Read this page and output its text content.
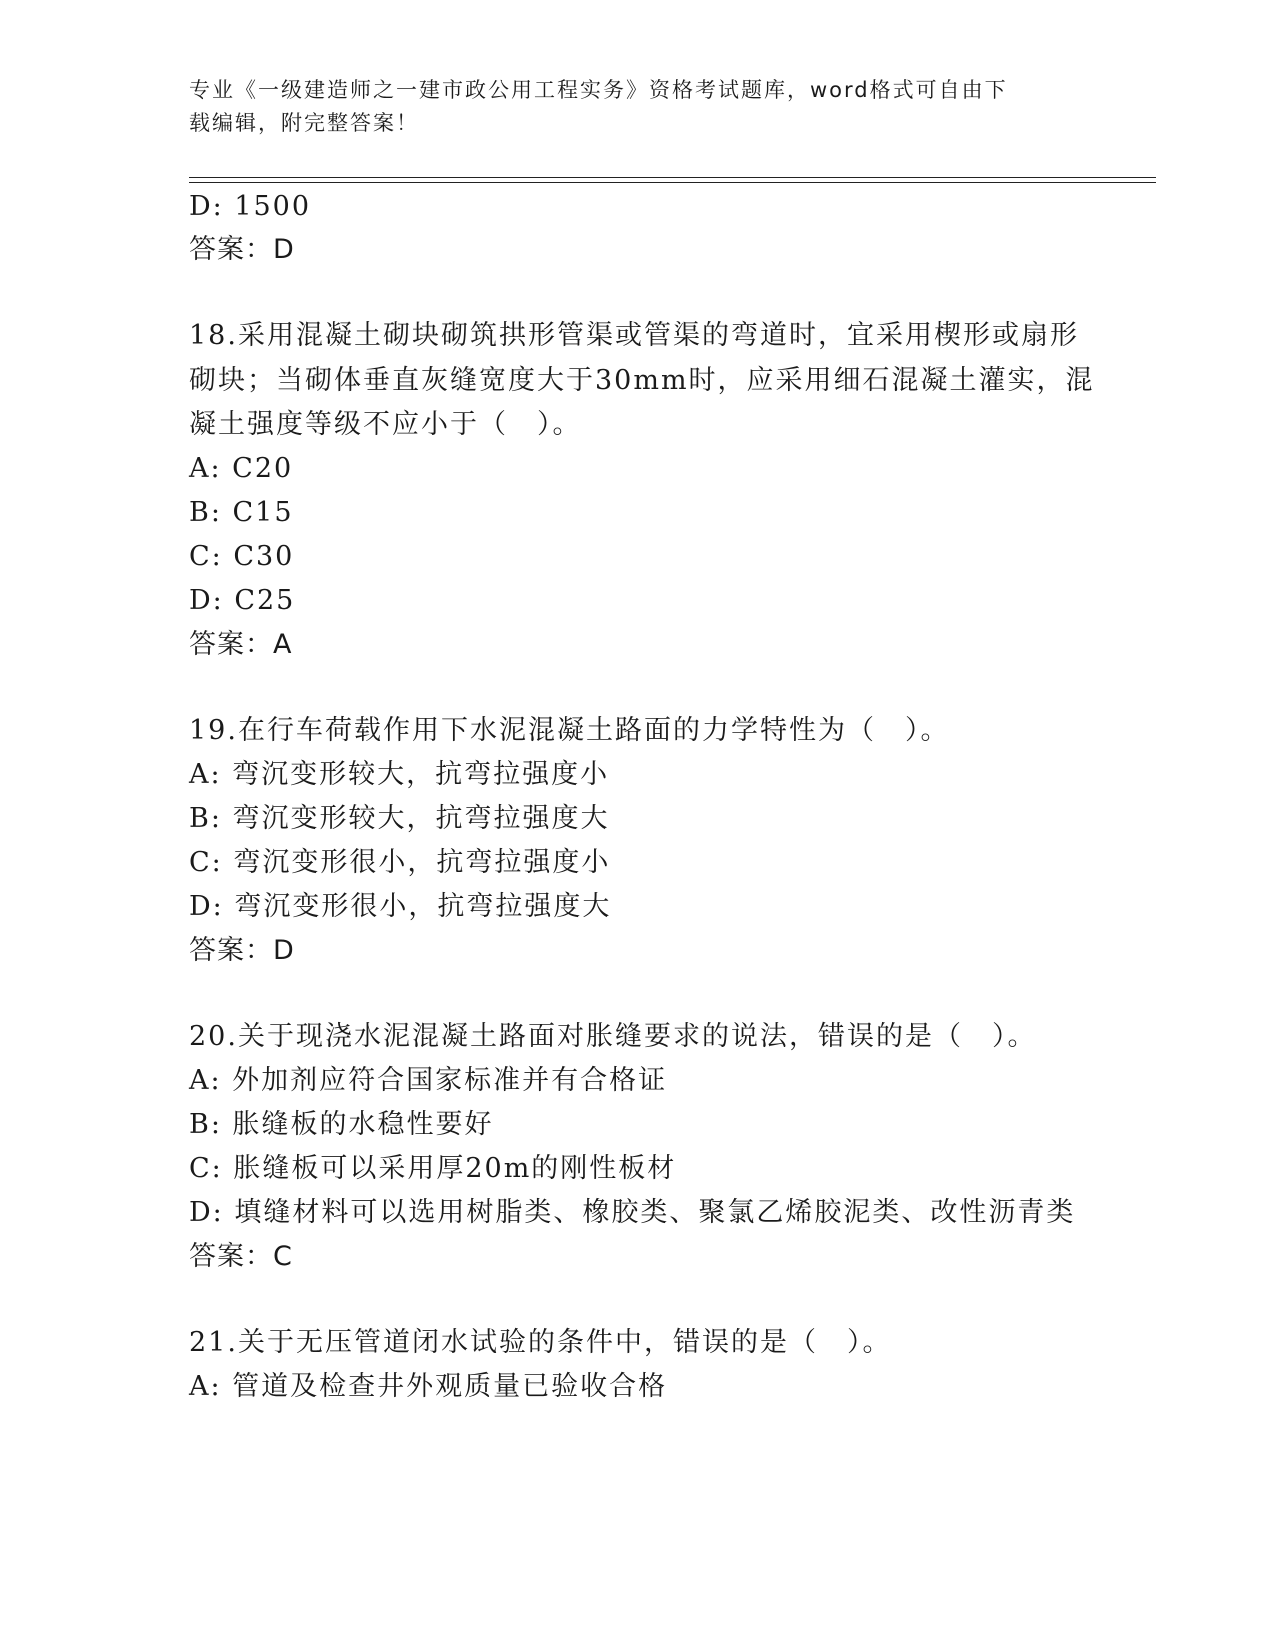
专业《一级建造师之一建市政公用工程实务》资格考试题库，word格式可自由下

载编辑，附完整答案！

D: 1500
答案：D
18.采用混凝土砌块砌筑拱形管渠或管渠的弯道时，宜采用楔形或扇形
砌块；当砌体垂直灰缝宽度大于30mm时，应采用细石混凝土灌实，混
凝土强度等级不应小于（　）。
A: C20
B: C15
C: C30
D: C25
答案：A
19.在行车荷载作用下水泥混凝土路面的力学特性为（　）。
A: 弯沉变形较大，抗弯拉强度小
B: 弯沉变形较大，抗弯拉强度大
C: 弯沉变形很小，抗弯拉强度小
D: 弯沉变形很小，抗弯拉强度大
答案：D
20.关于现浇水泥混凝土路面对胀缝要求的说法，错误的是（　）。
A: 外加剂应符合国家标准并有合格证
B: 胀缝板的水稳性要好
C: 胀缝板可以采用厚20m的刚性板材
D: 填缝材料可以选用树脂类、橡胶类、聚氯乙烯胶泥类、改性沥青类
答案：C
21.关于无压管道闭水试验的条件中，错误的是（　）。
A: 管道及检查井外观质量已验收合格
